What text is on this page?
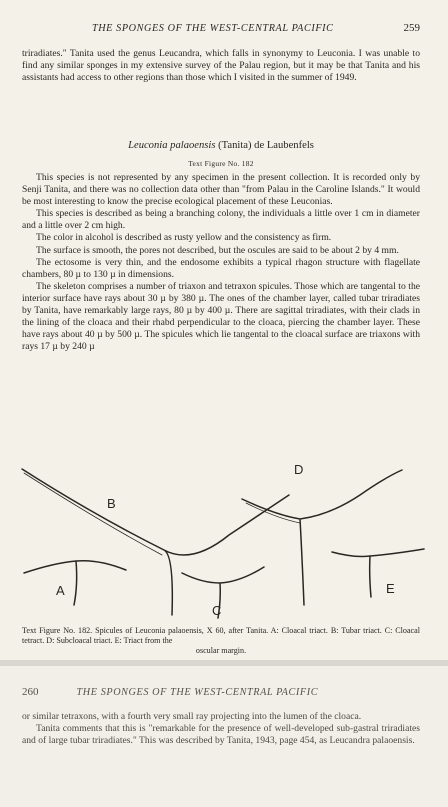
THE SPONGES OF THE WEST-CENTRAL PACIFIC	259

triradiates." Tanita used the genus Leucandra, which falls in synonymy to Leuconia. I was unable to find any similar sponges in my extensive survey of the Palau region, but it may be that Tanita and his assistants had access to other regions than those which I visited in the summer of 1949.

Leuconia palaoensis (Tanita) de Laubenfels
Text Figure No. 182

This species is not represented by any specimen in the present collection. It is recorded only by Senji Tanita, and there was no collection data other than "from Palau in the Caroline Islands." It would be most interesting to know the precise ecological placement of these Leuconias.

This species is described as being a branching colony, the individuals a little over 1 cm in diameter and a little over 2 cm high.

The color in alcohol is described as rusty yellow and the consistency as firm.

The surface is smooth, the pores not described, but the oscules are said to be about 2 by 4 mm.

The ectosome is very thin, and the endosome exhibits a typical rhagon structure with flagellate chambers, 80 µ to 130 µ in dimensions.

The skeleton comprises a number of triaxon and tetraxon spicules. Those which are tangental to the interior surface have rays about 30 µ by 380 µ. The ones of the chamber layer, called tubar triradiates by Tanita, have remarkably large rays, 80 µ by 400 µ. There are sagittal triradiates, with their clads in the lining of the cloaca and their rhabd perpendicular to the cloaca, piercing the chamber layer. These have rays about 40 µ by 500 µ. The spicules which lie tangental to the cloacal surface are triaxons with rays 17 µ by 240 µ

B
A
C
D
E

Text Figure No. 182. Spicules of Leuconia palaoensis, X 60, after Tanita. A: Cloacal triact. B: Tubar triact. C: Cloacal tetract. D: Subcloacal triact. E: Triact from the

oscular margin.

260	THE SPONGES OF THE WEST-CENTRAL PACIFIC

or similar tetraxons, with a fourth very small ray projecting into the lumen of the cloaca.

Tanita comments that this is "remarkable for the presence of well-developed sub-gastral triradiates and of large tubar triradiates." This was described by Tanita, 1943, page 454, as Leucandra palaoensis.
